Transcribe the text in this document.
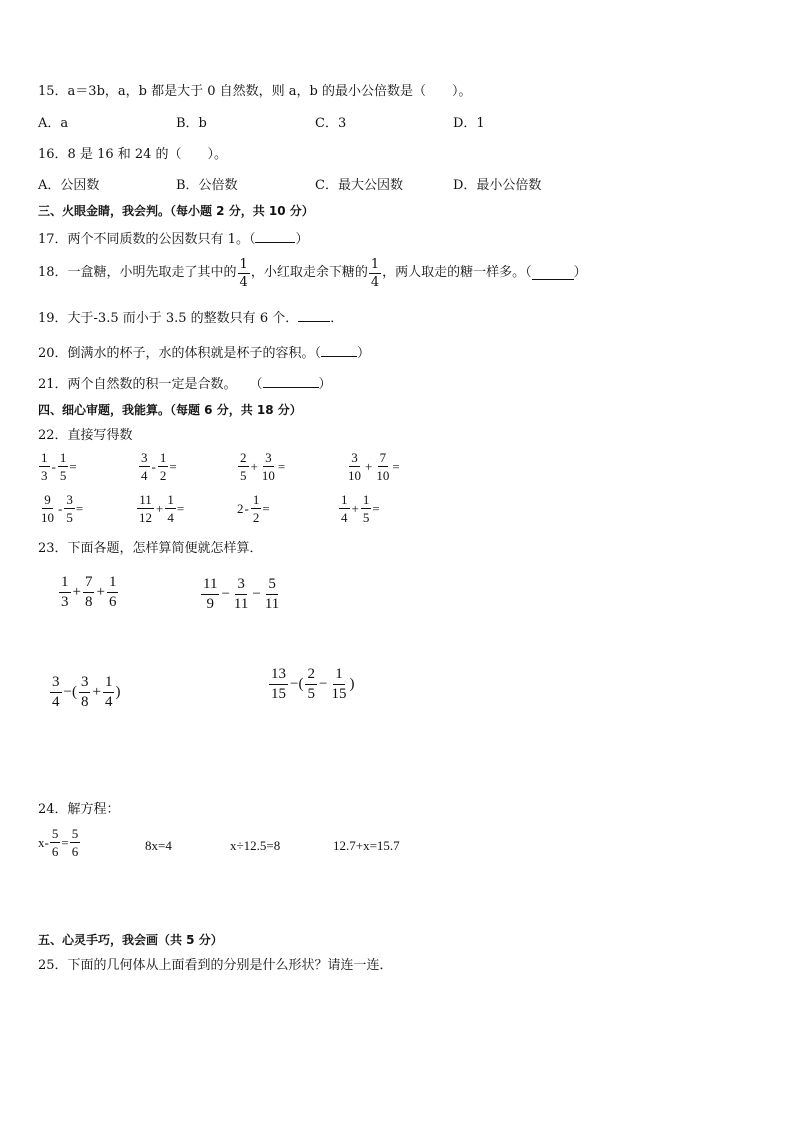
15．a＝3b，a，b 都是大于 0 自然数，则 a，b 的最小公倍数是（　　）。
A．a	B．b	C．3	D．1
16．8 是 16 和 24 的（　　）。
A．公因数	B．公倍数	C．最大公因数	D．最小公倍数
三、火眼金睛，我会判。（每小题 2 分，共 10 分）
17．两个不同质数的公因数只有 1。（	）
18．一盒糖，小明先取走了其中的 $\frac{1}{4}$ ，小红取走余下糖的 $\frac{1}{4}$ ，两人取走的糖一样多。（	）
19．大于-3.5 而小于 3.5 的整数只有 6 个． ．
20．倒满水的杯子，水的体积就是杯子的容积。（	）
21．两个自然数的积一定是合数。　　（	）
四、细心审题，我能算。（每题 6 分，共 18 分）
22．直接写得数
$\frac{1}{3} - \frac{1}{5}$ =	$\frac{3}{4} - \frac{1}{2}$ =	$\frac{2}{5} + \frac{3}{10}$ =	$\frac{3}{10} + \frac{7}{10}$ =
$\frac{9}{10} - \frac{3}{5}$ =	$\frac{11}{12} + \frac{1}{4}$ =	$2 - \frac{1}{2}$ =	$\frac{1}{4} + \frac{1}{5}$ =
23．下面各题，怎样算简便就怎样算．
$\frac{1}{3} + \frac{7}{8} + \frac{1}{6}$	$\frac{11}{9} - \frac{3}{11} - \frac{5}{11}$
$\frac{3}{4}$ −( $\frac{3}{8} + \frac{1}{4}$ )	$\frac{13}{15}$ −( $\frac{2}{5} - \frac{1}{15}$ )
24．解方程：
$x- \frac{5}{6} = \frac{5}{6}$	8x=4	x÷12.5=8	12.7+x=15.7
五、心灵手巧，我会画（共 5 分）
25．下面的几何体从上面看到的分别是什么形状？请连一连．
